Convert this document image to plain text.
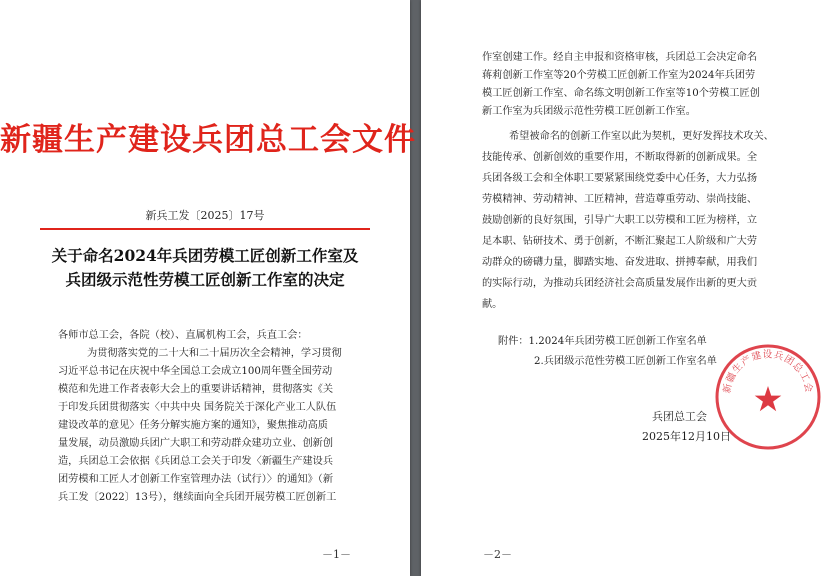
新疆生产建设兵团总工会文件
新兵工发〔2025〕17号
关于命名2024年兵团劳模工匠创新工作室及
兵团级示范性劳模工匠创新工作室的决定
各师市总工会，各院（校）、直属机构工会，兵直工会：
为贯彻落实党的二十大和二十届历次全会精神，学习贯彻
习近平总书记在庆祝中华全国总工会成立100周年暨全国劳动
模范和先进工作者表彰大会上的重要讲话精神，贯彻落实《关
于印发兵团贯彻落实〈中共中央 国务院关于深化产业工人队伍
建设改革的意见〉任务分解实施方案的通知》，聚焦推动高质
量发展，动员激励兵团广大职工和劳动群众建功立业、创新创
造，兵团总工会依据《兵团总工会关于印发〈新疆生产建设兵
团劳模和工匠人才创新工作室管理办法（试行）〉的通知》（新
兵工发〔2022〕13号），继续面向全兵团开展劳模工匠创新工
－1－
作室创建工作。经自主申报和资格审核，兵团总工会决定命名
蒋莉创新工作室等20个劳模工匠创新工作室为2024年兵团劳
模工匠创新工作室、命名练文明创新工作室等10个劳模工匠创
新工作室为兵团级示范性劳模工匠创新工作室。
希望被命名的创新工作室以此为契机，更好发挥技术攻关、
技能传承、创新创效的重要作用，不断取得新的创新成果。全
兵团各级工会和全体职工要紧紧围绕党委中心任务，大力弘扬
劳模精神、劳动精神、工匠精神，营造尊重劳动、崇尚技能、
鼓励创新的良好氛围，引导广大职工以劳模和工匠为榜样，立
足本职、钻研技术、勇于创新，不断汇聚起工人阶级和广大劳
动群众的磅礴力量，脚踏实地、奋发进取、拼搏奉献，用我们
的实际行动，为推动兵团经济社会高质量发展作出新的更大贡
献。
附件：1.2024年兵团劳模工匠创新工作室名单
2.兵团级示范性劳模工匠创新工作室名单
新疆生产建设兵团总工会
兵团总工会
2025年12月10日
－2－
